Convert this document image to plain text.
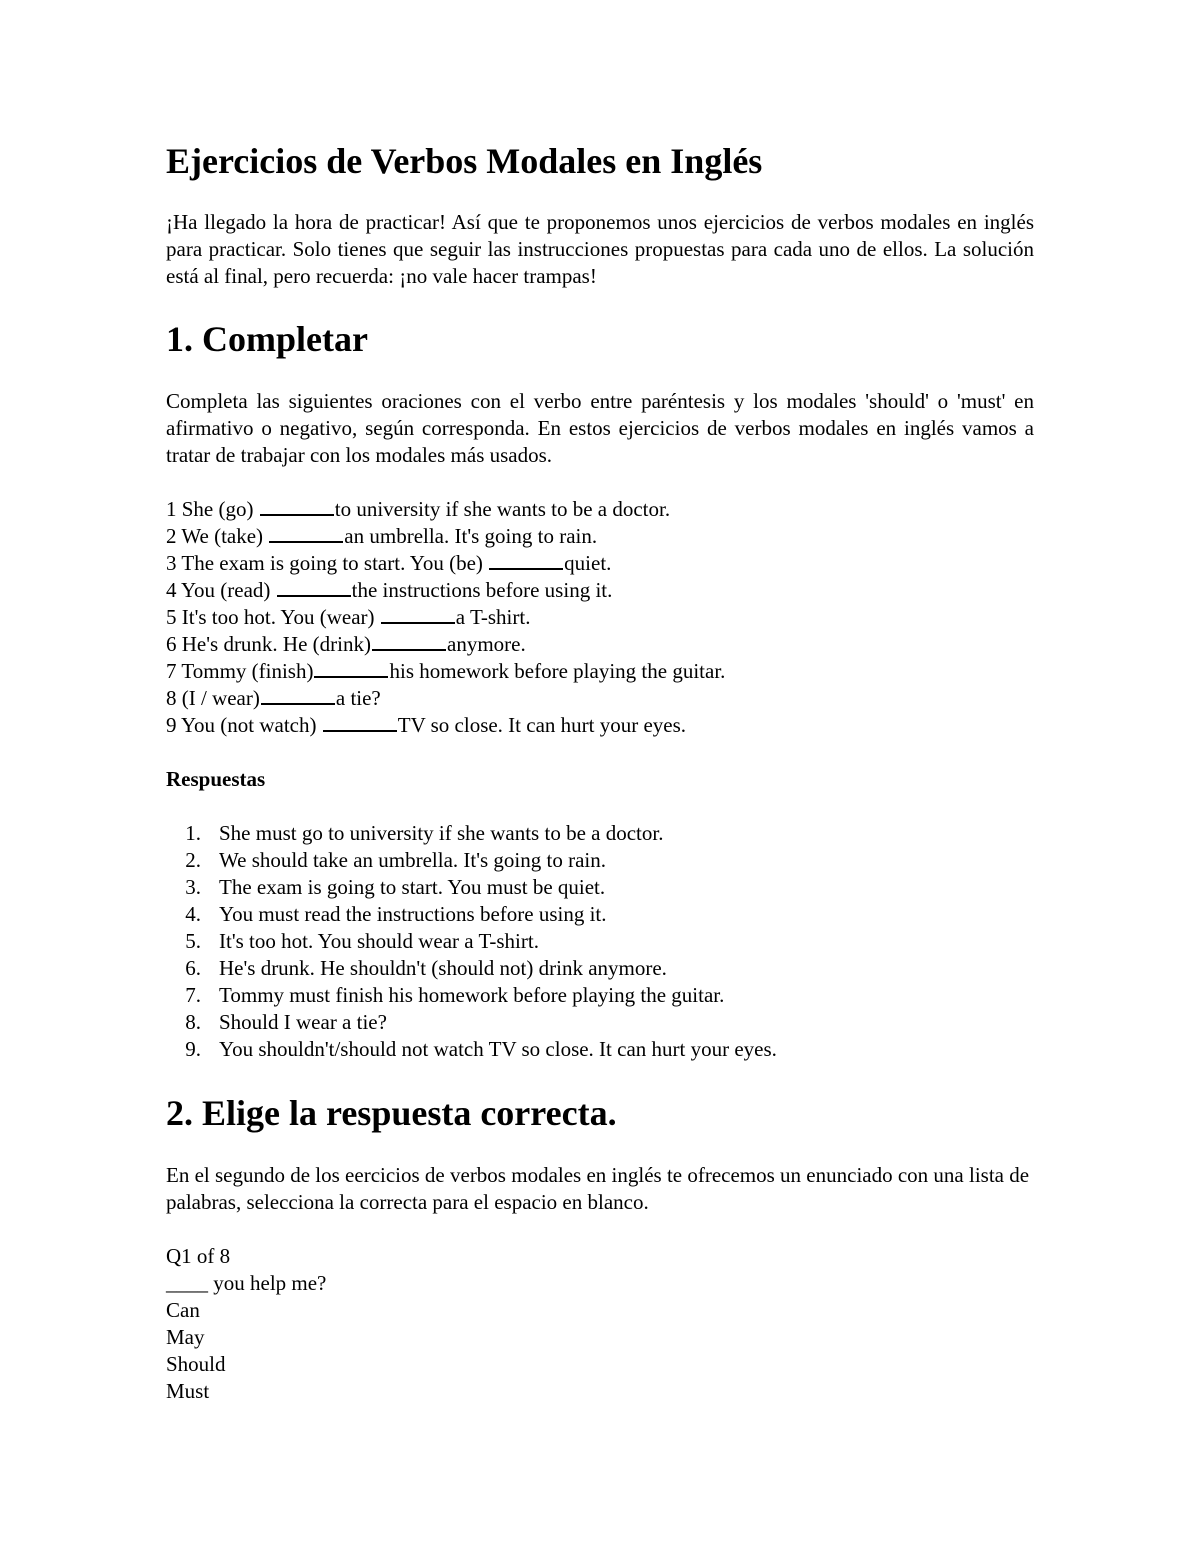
Ejercicios de Verbos Modales en Inglés

¡Ha llegado la hora de practicar! Así que te proponemos unos ejercicios de verbos modales en inglés para practicar. Solo tienes que seguir las instrucciones propuestas para cada uno de ellos. La solución está al final, pero recuerda: ¡no vale hacer trampas!

1. Completar

Completa las siguientes oraciones con el verbo entre paréntesis y los modales 'should' o 'must' en afirmativo o negativo, según corresponda. En estos ejercicios de verbos modales en inglés vamos a tratar de trabajar con los modales más usados.

1 She (go)	to university if she wants to be a doctor.
2 We (take)	an umbrella. It's going to rain.
3 The exam is going to start. You (be)	quiet.
4 You (read)	the instructions before using it.
5 It's too hot. You (wear)	a T-shirt.
6 He's drunk. He (drink)	anymore.
7 Tommy (finish)	his homework before playing the guitar.
8 (I / wear)	a tie?
9 You (not watch)	TV so close. It can hurt your eyes.
Respuestas
1. She must go to university if she wants to be a doctor.
2. We should take an umbrella. It's going to rain.
3. The exam is going to start. You must be quiet.
4. You must read the instructions before using it.
5. It's too hot. You should wear a T-shirt.
6. He's drunk. He shouldn't (should not) drink anymore.
7. Tommy must finish his homework before playing the guitar.
8. Should I wear a tie?
9. You shouldn't/should not watch TV so close. It can hurt your eyes.
2. Elige la respuesta correcta.

En el segundo de los eercicios de verbos modales en inglés te ofrecemos un enunciado con una lista de palabras, selecciona la correcta para el espacio en blanco.

Q1 of 8
____ you help me?
Can
May
Should
Must
